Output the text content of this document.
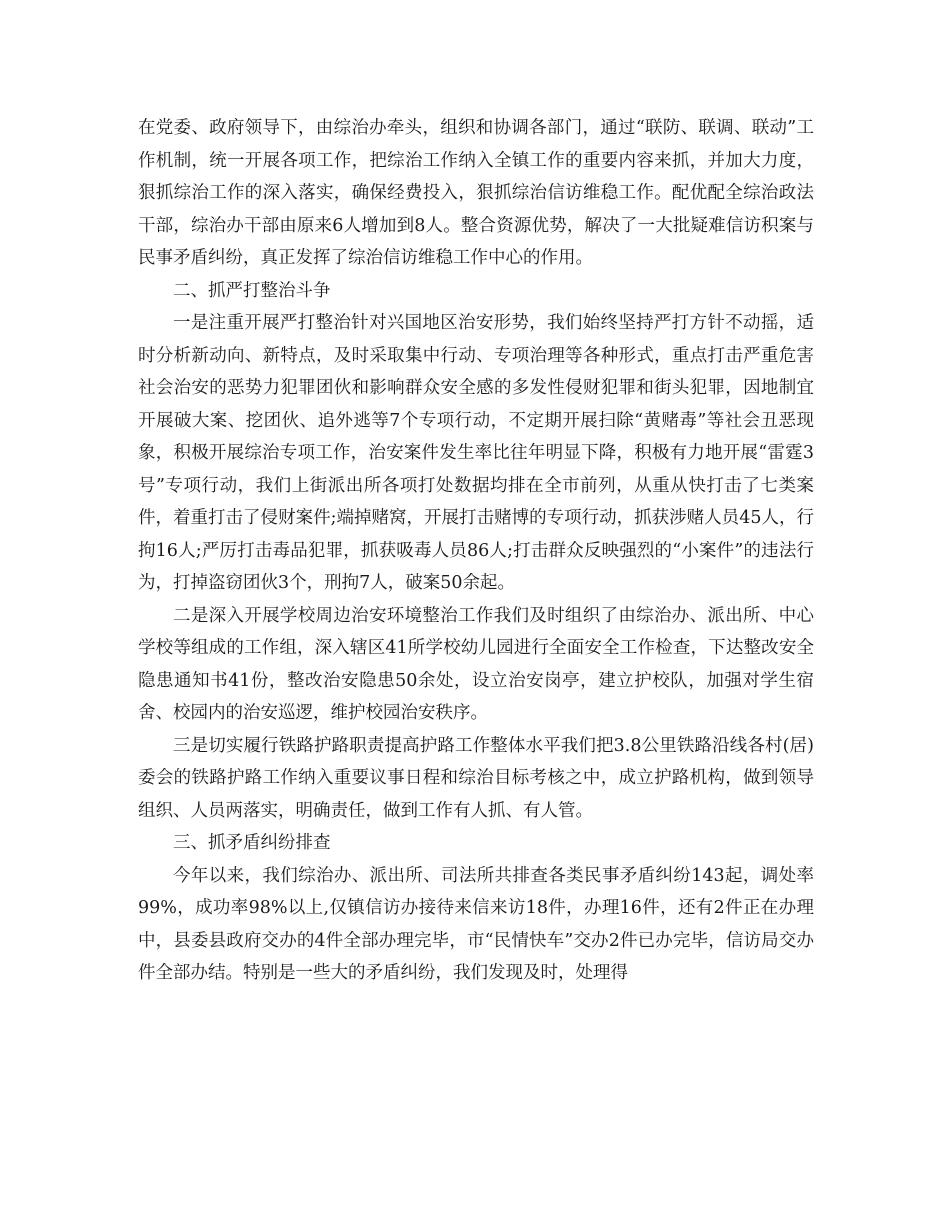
在党委、政府领导下，由综治办牵头，组织和协调各部门，通过“联防、联调、联动”工作机制，统一开展各项工作，把综治工作纳入全镇工作的重要内容来抓，并加大力度，狠抓综治工作的深入落实，确保经费投入，狠抓综治信访维稳工作。配优配全综治政法干部，综治办干部由原来6人增加到8人。整合资源优势，解决了一大批疑难信访积案与民事矛盾纠纷，真正发挥了综治信访维稳工作中心的作用。

二、抓严打整治斗争

一是注重开展严打整治针对兴国地区治安形势，我们始终坚持严打方针不动摇，适时分析新动向、新特点，及时采取集中行动、专项治理等各种形式，重点打击严重危害社会治安的恶势力犯罪团伙和影响群众安全感的多发性侵财犯罪和街头犯罪，因地制宜开展破大案、挖团伙、追外逃等7个专项行动，不定期开展扫除“黄赌毒”等社会丑恶现象，积极开展综治专项工作，治安案件发生率比往年明显下降，积极有力地开展“雷霆3号”专项行动，我们上街派出所各项打处数据均排在全市前列，从重从快打击了七类案件，着重打击了侵财案件;端掉赌窝，开展打击赌博的专项行动，抓获涉赌人员45人，行拘16人;严厉打击毒品犯罪，抓获吸毒人员86人;打击群众反映强烈的“小案件”的违法行为，打掉盗窃团伙3个，刑拘7人，破案50余起。

二是深入开展学校周边治安环境整治工作我们及时组织了由综治办、派出所、中心学校等组成的工作组，深入辖区41所学校幼儿园进行全面安全工作检查，下达整改安全隐患通知书41份，整改治安隐患50余处，设立治安岗亭，建立护校队，加强对学生宿舍、校园内的治安巡逻，维护校园治安秩序。

三是切实履行铁路护路职责提高护路工作整体水平我们把3.8公里铁路沿线各村(居)委会的铁路护路工作纳入重要议事日程和综治目标考核之中，成立护路机构，做到领导组织、人员两落实，明确责任，做到工作有人抓、有人管。

三、抓矛盾纠纷排查

今年以来，我们综治办、派出所、司法所共排查各类民事矛盾纠纷143起，调处率99%，成功率98%以上,仅镇信访办接待来信来访18件，办理16件，还有2件正在办理中，县委县政府交办的4件全部办理完毕，市“民情快车”交办2件已办完毕，信访局交办件全部办结。特别是一些大的矛盾纠纷，我们发现及时，处理得
